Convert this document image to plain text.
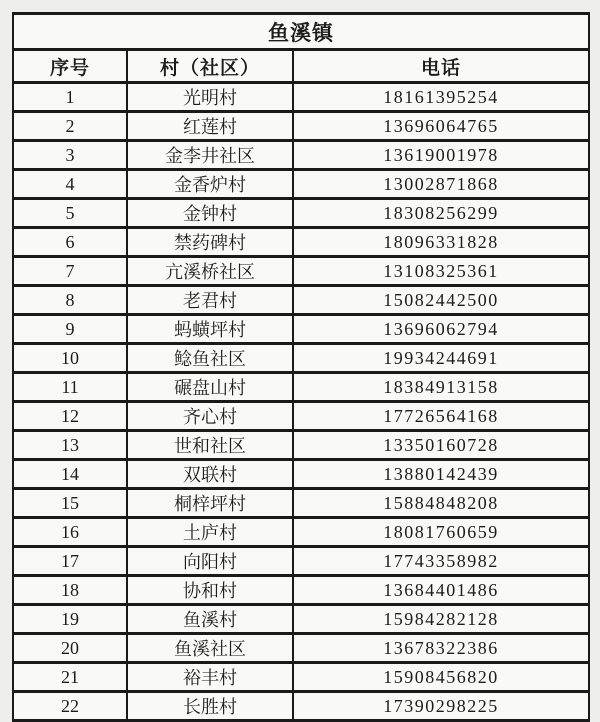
鱼溪镇		
序号	村（社区）	电话
1	光明村	18161395254
2	红莲村	13696064765
3	金李井社区	13619001978
4	金香炉村	13002871868
5	金钟村	18308256299
6	禁药碑村	18096331828
7	亢溪桥社区	13108325361
8	老君村	15082442500
9	蚂蟥坪村	13696062794
10	鲶鱼社区	19934244691
11	碾盘山村	18384913158
12	齐心村	17726564168
13	世和社区	13350160728
14	双联村	13880142439
15	桐梓坪村	15884848208
16	土庐村	18081760659
17	向阳村	17743358982
18	协和村	13684401486
19	鱼溪村	15984282128
20	鱼溪社区	13678322386
21	裕丰村	15908456820
22	长胜村	17390298225
